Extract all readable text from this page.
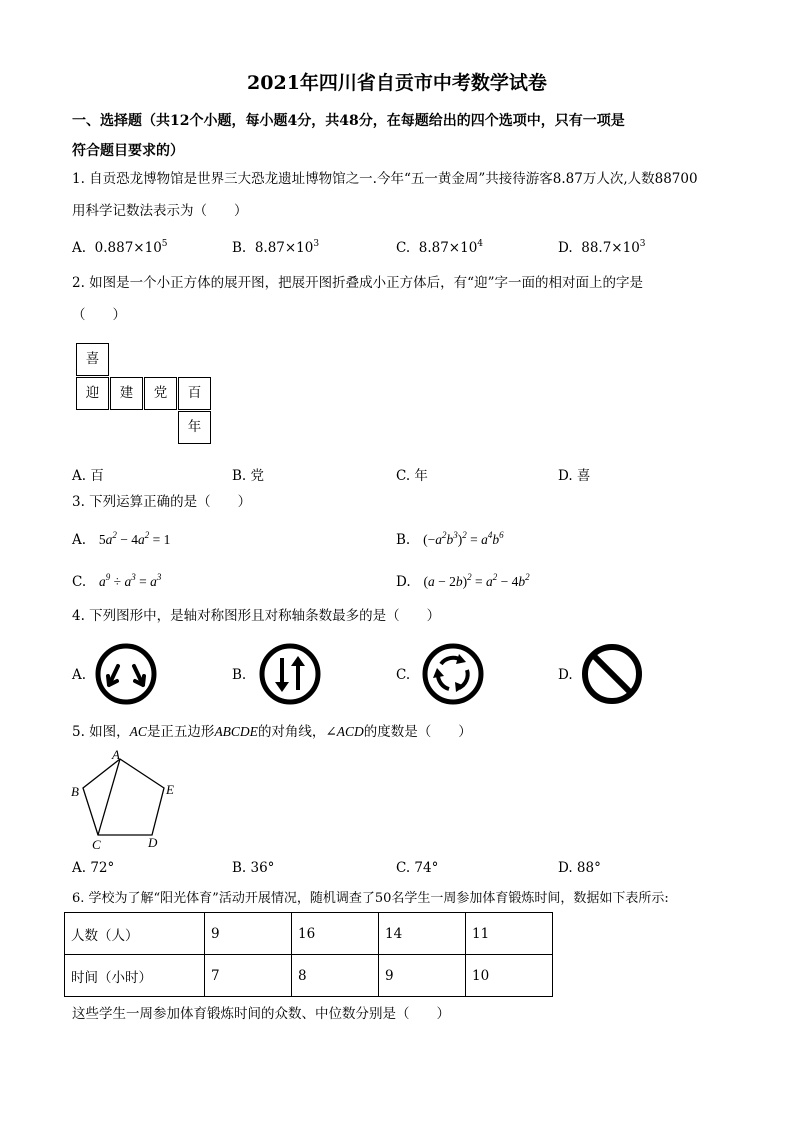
2021年四川省自贡市中考数学试卷
一、选择题（共12个小题，每小题4分，共48分，在每题给出的四个选项中，只有一项是
符合题目要求的）
1. 自贡恐龙博物馆是世界三大恐龙遗址博物馆之一.今年“五一黄金周”共接待游客8.87万人次,人数88700
用科学记数法表示为（　　）
A. $0.887\times 10^5$	B. $8.87\times 10^3$	C. $8.87\times 10^4$	D. $88.7\times 10^3$
2. 如图是一个小正方体的展开图，把展开图折叠成小正方体后，有“迎”字一面的相对面上的字是
（　　）
喜
迎	建	党	百
年
A. 百	B. 党	C. 年	D. 喜
3. 下列运算正确的是（　　）
A. $5a^2 - 4a^2 = 1$	B. $(-a^2b^3)^2 = a^4b^6$
C. $a^9 \div a^3 = a^3$	D. $(a - 2b)^2 = a^2 - 4b^2$
4. 下列图形中，是轴对称图形且对称轴条数最多的是（　　）
A.	B.	C.	D.
5. 如图，AC是正五边形ABCDE的对角线，∠ACD的度数是（　　）
A
B
C	D
E
A. 72°	B. 36°	C. 74°	D. 88°
6. 学校为了解“阳光体育”活动开展情况，随机调查了50名学生一周参加体育锻炼时间，数据如下表所示:
人数（人）	9	16	14	11
时间（小时）	7	8	9	10
这些学生一周参加体育锻炼时间的众数、中位数分别是（　　）
